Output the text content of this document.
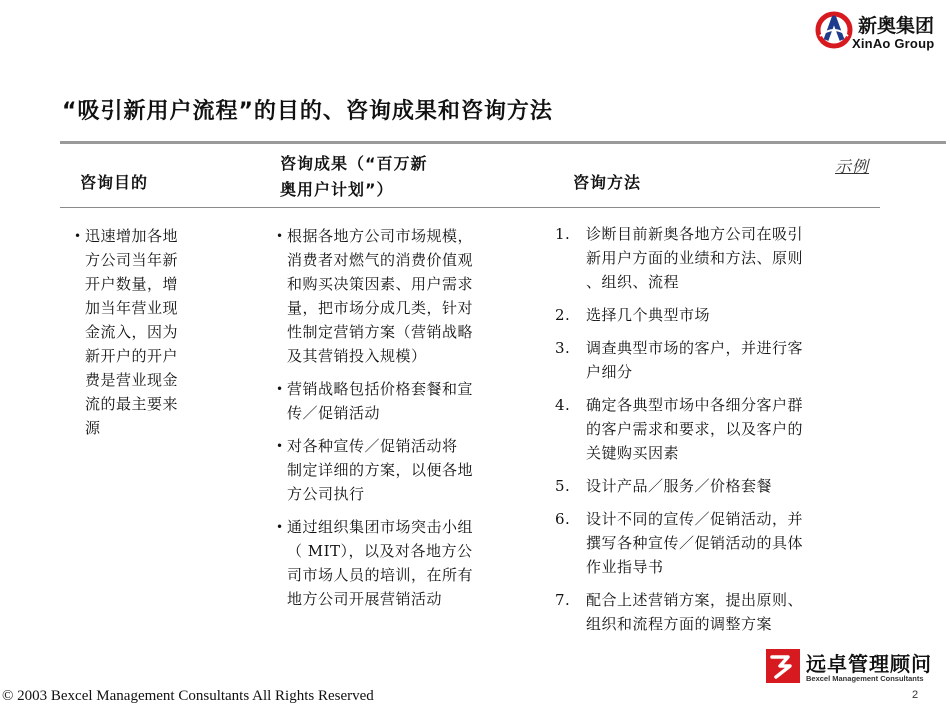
新奥集团
XinAo Group
“吸引新用户流程”的目的、咨询成果和咨询方法
咨询目的
咨询成果（“百万新
奥用户计划”）	咨询方法
示例
• 迅速增加各地
方公司当年新
开户数量，增
加当年营业现
金流入，因为
新开户的开户
费是营业现金
流的最主要来
源
• 根据各地方公司市场规模，
消费者对燃气的消费价值观
和购买决策因素、用户需求
量，把市场分成几类，针对
性制定营销方案（营销战略
及其营销投入规模）
• 营销战略包括价格套餐和宣
传／促销活动
• 对各种宣传／促销活动将
制定详细的方案，以便各地
方公司执行
• 通过组织集团市场突击小组
（ MIT），以及对各地方公
司市场人员的培训，在所有
地方公司开展营销活动
1.	诊断目前新奥各地方公司在吸引
新用户方面的业绩和方法、原则
、组织、流程
2.	选择几个典型市场
3.	调查典型市场的客户，并进行客
户细分
4.	确定各典型市场中各细分客户群
的客户需求和要求，以及客户的
关键购买因素
5.	设计产品／服务／价格套餐
6.	设计不同的宣传／促销活动，并
撰写各种宣传／促销活动的具体
作业指导书
7.	配合上述营销方案，提出原则、
组织和流程方面的调整方案
远卓管理顾问
Bexcel Management Consultants
© 2003 Bexcel Management Consultants All Rights Reserved	2
